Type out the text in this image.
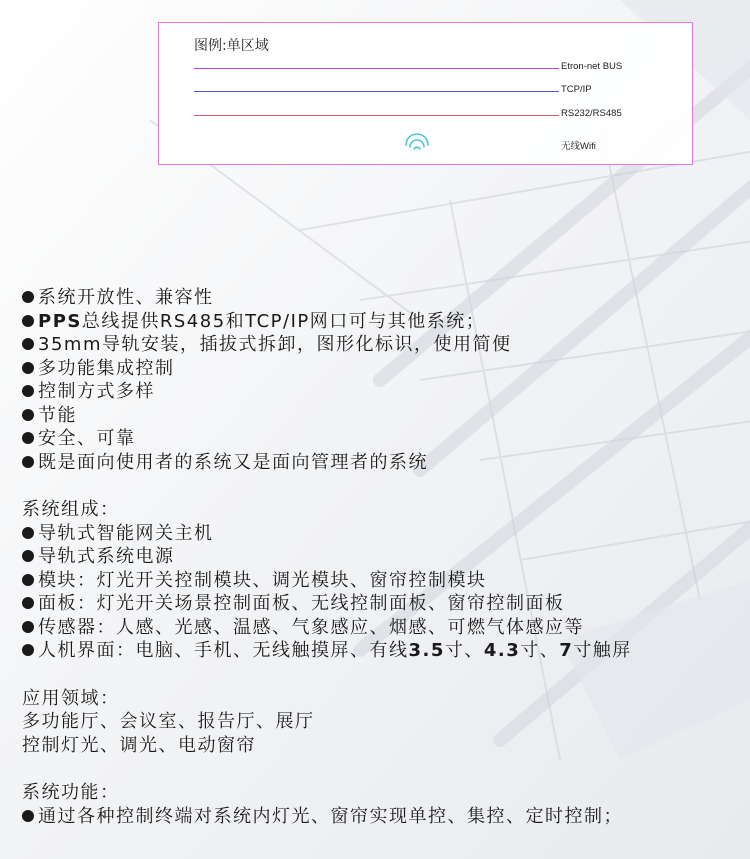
图例:单区域
Etron-net BUS
TCP/IP
RS232/RS485
无线Wifi
系统开放性、兼容性
PPS总线提供RS485和TCP/IP网口可与其他系统；
35mm导轨安装，插拔式拆卸，图形化标识，使用简便
多功能集成控制
控制方式多样
节能
安全、可靠
既是面向使用者的系统又是面向管理者的系统
系统组成：
导轨式智能网关主机
导轨式系统电源
模块：灯光开关控制模块、调光模块、窗帘控制模块
面板：灯光开关场景控制面板、无线控制面板、窗帘控制面板
传感器：人感、光感、温感、气象感应、烟感、可燃气体感应等
人机界面：电脑、手机、无线触摸屏、有线3.5寸、4.3寸、7寸触屏
应用领域：
多功能厅、会议室、报告厅、展厅
控制灯光、调光、电动窗帘
系统功能：
通过各种控制终端对系统内灯光、窗帘实现单控、集控、定时控制；
